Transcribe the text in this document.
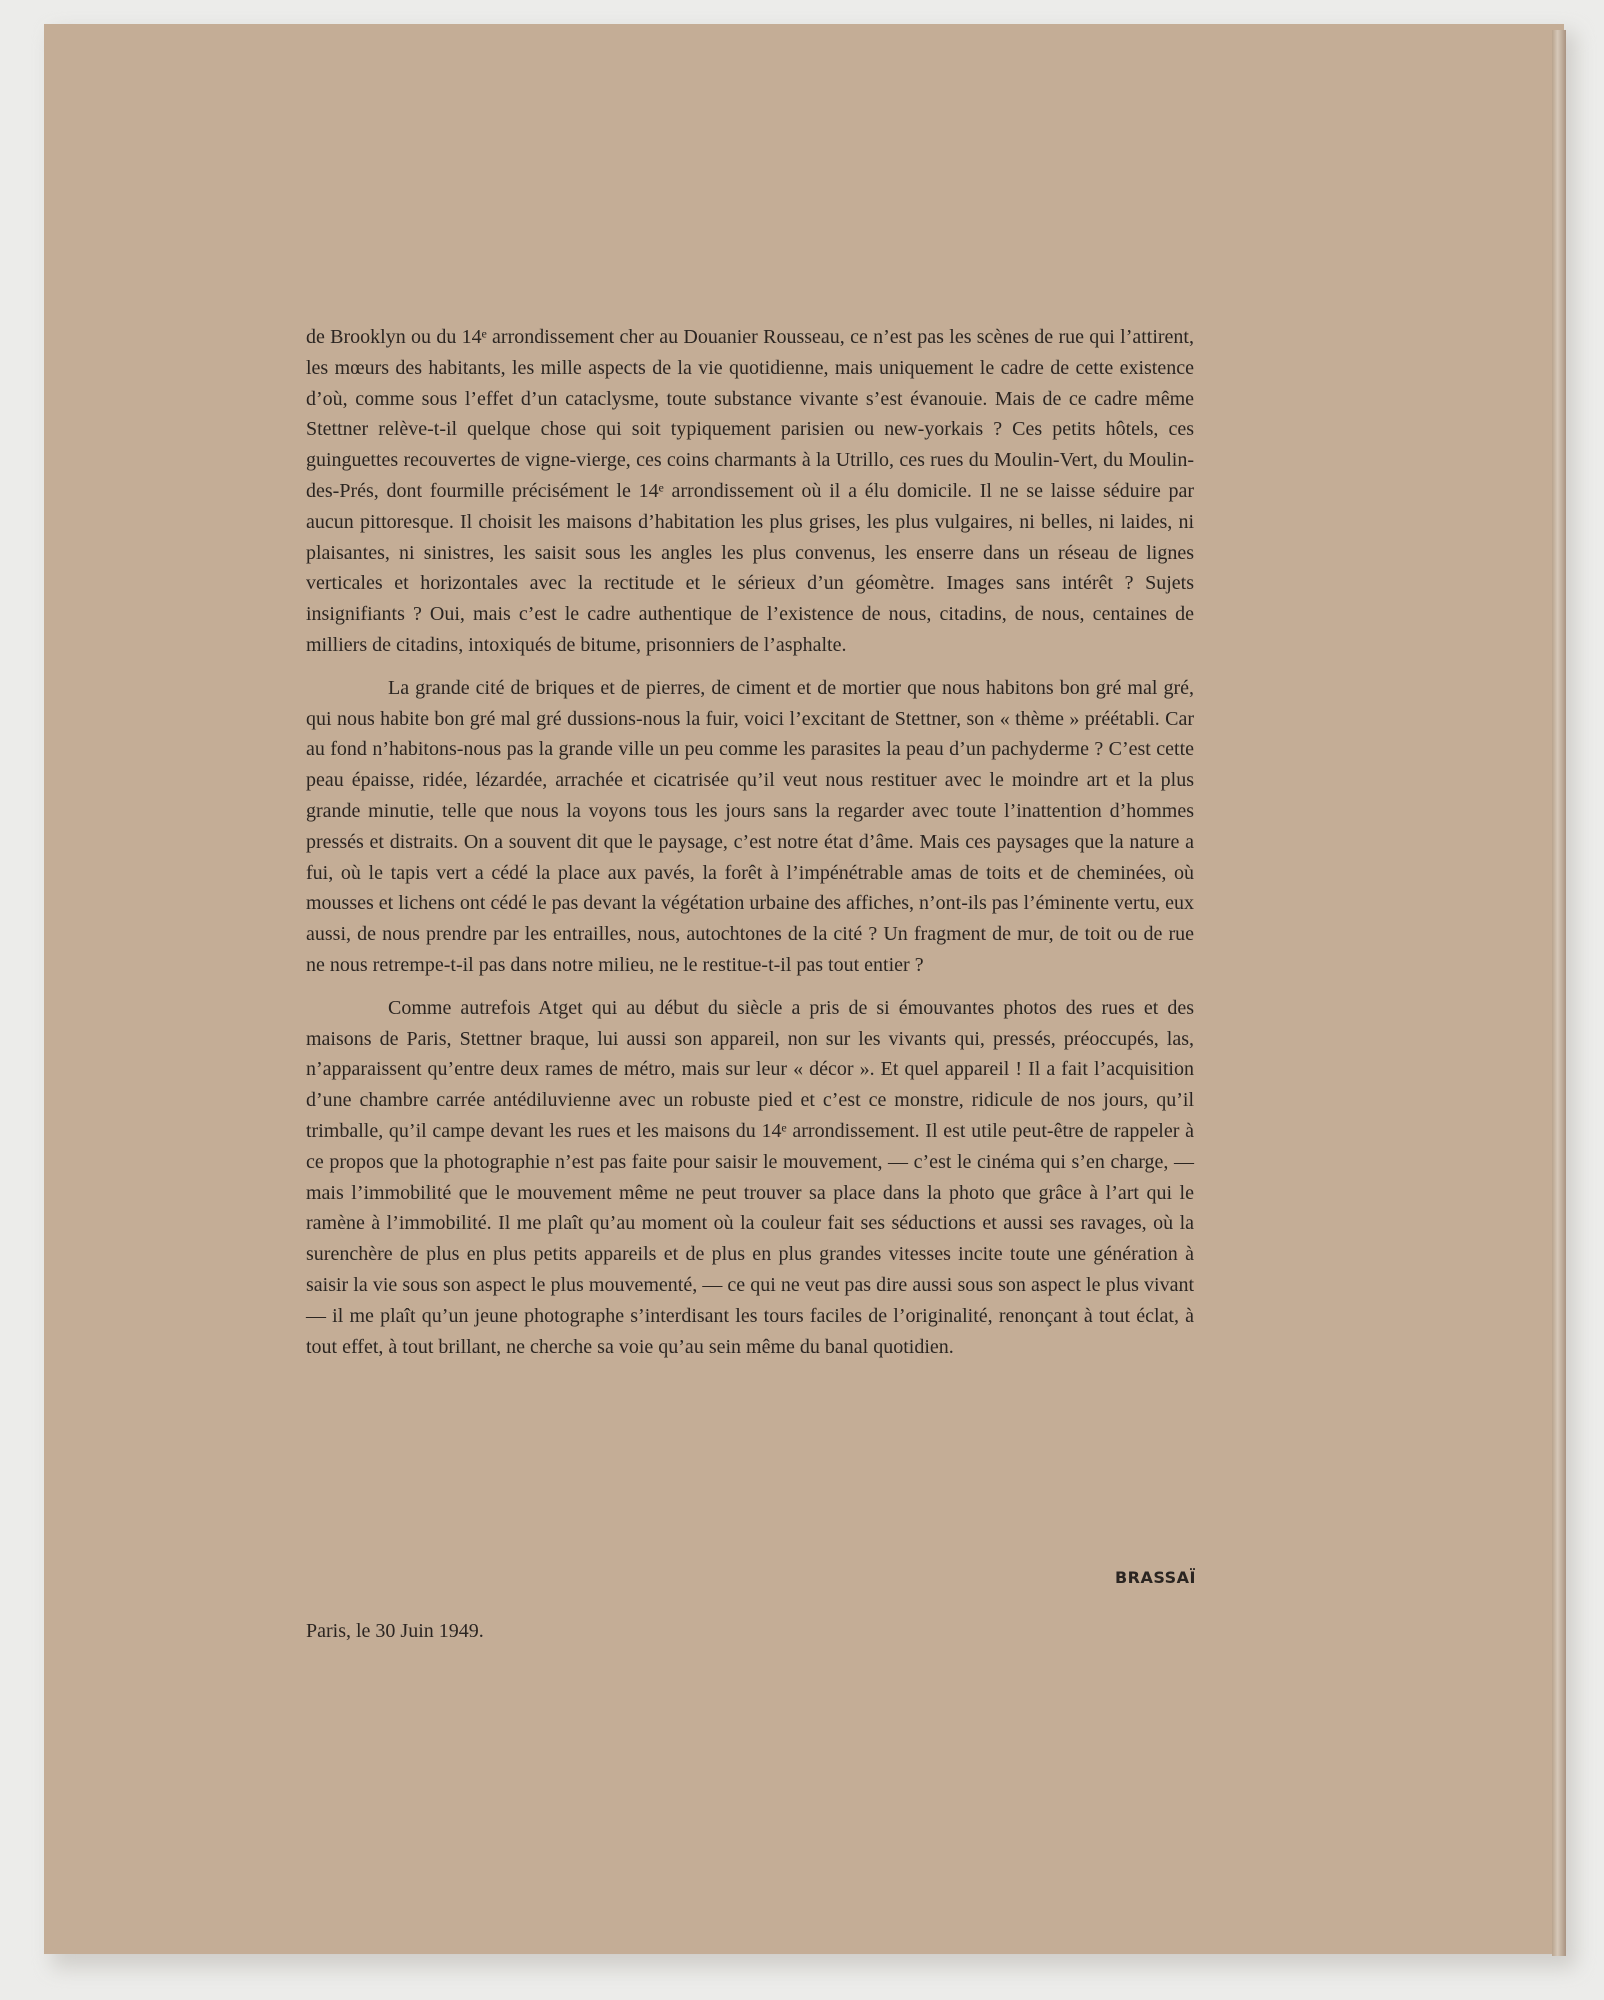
de Brooklyn ou du 14ᵉ arrondissement cher au Douanier Rousseau, ce n’est pas les scènes de rue qui l’attirent, les mœurs des habitants, les mille aspects de la vie quotidienne, mais uniquement le cadre de cette existence d’où, comme sous l’effet d’un cataclysme, toute substance vivante s’est évanouie. Mais de ce cadre même Stettner relève-t-il quelque chose qui soit typiquement parisien ou new-yorkais ? Ces petits hôtels, ces guinguettes recouvertes de vigne-vierge, ces coins charmants à la Utrillo, ces rues du Moulin-Vert, du Moulin-des-Prés, dont fourmille précisément le 14ᵉ arrondissement où il a élu domicile. Il ne se laisse séduire par aucun pittoresque. Il choisit les maisons d’habitation les plus grises, les plus vulgaires, ni belles, ni laides, ni plaisantes, ni sinistres, les saisit sous les angles les plus convenus, les enserre dans un réseau de lignes verticales et horizontales avec la rectitude et le sérieux d’un géomètre. Images sans intérêt ? Sujets insignifiants ? Oui, mais c’est le cadre authentique de l’existence de nous, citadins, de nous, centaines de milliers de citadins, intoxiqués de bitume, prisonniers de l’asphalte.

La grande cité de briques et de pierres, de ciment et de mortier que nous habitons bon gré mal gré, qui nous habite bon gré mal gré dussions-nous la fuir, voici l’excitant de Stettner, son « thème » préétabli. Car au fond n’habitons-nous pas la grande ville un peu comme les parasites la peau d’un pachyderme ? C’est cette peau épaisse, ridée, lézardée, arrachée et cicatrisée qu’il veut nous restituer avec le moindre art et la plus grande minutie, telle que nous la voyons tous les jours sans la regarder avec toute l’inattention d’hommes pressés et distraits. On a souvent dit que le paysage, c’est notre état d’âme. Mais ces paysages que la nature a fui, où le tapis vert a cédé la place aux pavés, la forêt à l’impénétrable amas de toits et de cheminées, où mousses et lichens ont cédé le pas devant la végétation urbaine des affiches, n’ont-ils pas l’éminente vertu, eux aussi, de nous prendre par les entrailles, nous, autochtones de la cité ? Un fragment de mur, de toit ou de rue ne nous retrempe-t-il pas dans notre milieu, ne le restitue-t-il pas tout entier ?

Comme autrefois Atget qui au début du siècle a pris de si émouvantes photos des rues et des maisons de Paris, Stettner braque, lui aussi son appareil, non sur les vivants qui, pressés, préoccupés, las, n’apparaissent qu’entre deux rames de métro, mais sur leur « décor ». Et quel appareil ! Il a fait l’acquisition d’une chambre carrée antédiluvienne avec un robuste pied et c’est ce monstre, ridicule de nos jours, qu’il trimballe, qu’il campe devant les rues et les maisons du 14ᵉ arrondissement. Il est utile peut-être de rappeler à ce propos que la photographie n’est pas faite pour saisir le mouvement, — c’est le cinéma qui s’en charge, — mais l’immobilité que le mouvement même ne peut trouver sa place dans la photo que grâce à l’art qui le ramène à l’immobilité. Il me plaît qu’au moment où la couleur fait ses séductions et aussi ses ravages, où la surenchère de plus en plus petits appareils et de plus en plus grandes vitesses incite toute une génération à saisir la vie sous son aspect le plus mouvementé, — ce qui ne veut pas dire aussi sous son aspect le plus vivant — il me plaît qu’un jeune photographe s’interdisant les tours faciles de l’originalité, renonçant à tout éclat, à tout effet, à tout brillant, ne cherche sa voie qu’au sein même du banal quotidien.

BRASSAÏ
Paris, le 30 Juin 1949.
